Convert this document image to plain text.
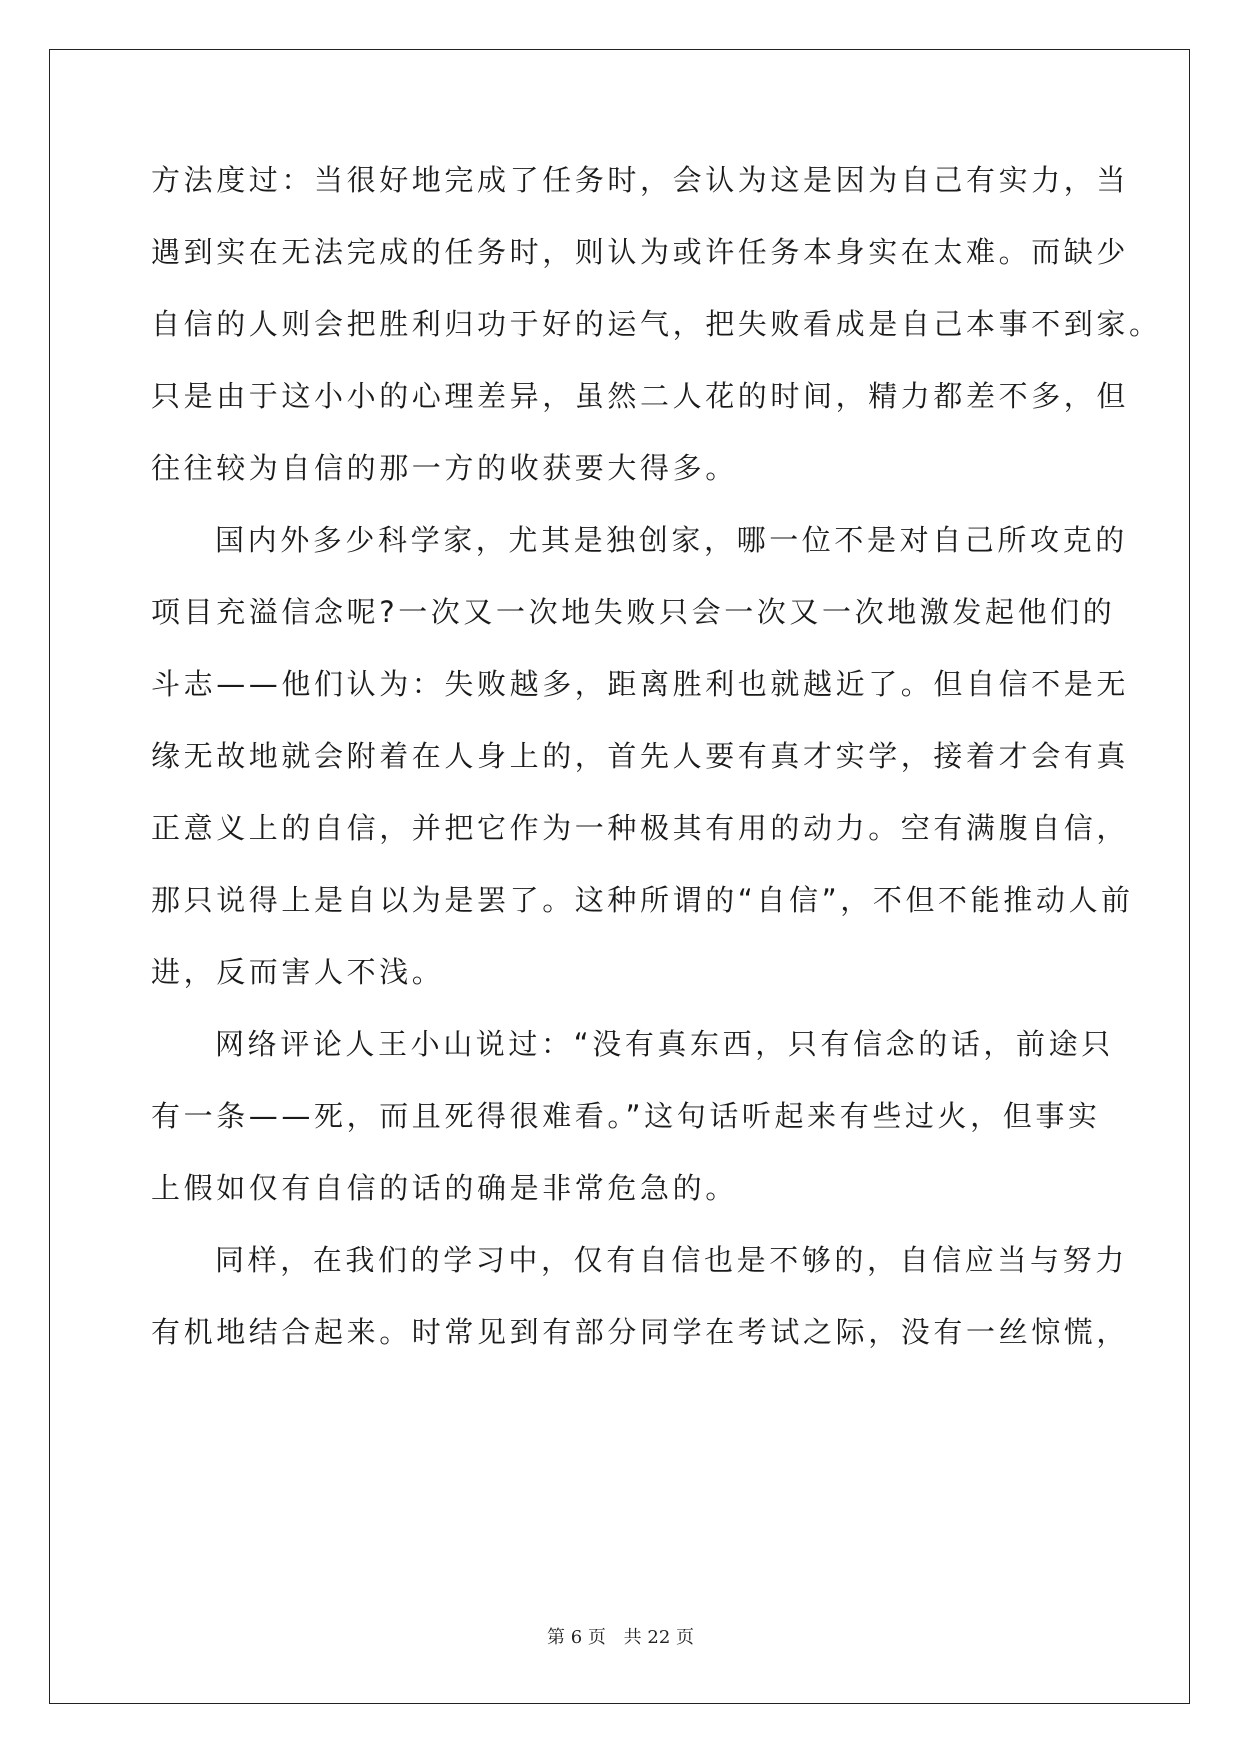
方法度过：当很好地完成了任务时，会认为这是因为自己有实力，当
遇到实在无法完成的任务时，则认为或许任务本身实在太难。而缺少
自信的人则会把胜利归功于好的运气，把失败看成是自己本事不到家。
只是由于这小小的心理差异，虽然二人花的时间，精力都差不多，但
往往较为自信的那一方的收获要大得多。
国内外多少科学家，尤其是独创家，哪一位不是对自己所攻克的
项目充溢信念呢?一次又一次地失败只会一次又一次地激发起他们的
斗志——他们认为：失败越多，距离胜利也就越近了。但自信不是无
缘无故地就会附着在人身上的，首先人要有真才实学，接着才会有真
正意义上的自信，并把它作为一种极其有用的动力。空有满腹自信，
那只说得上是自以为是罢了。这种所谓的“自信”，不但不能推动人前
进，反而害人不浅。
网络评论人王小山说过：“没有真东西，只有信念的话，前途只
有一条——死，而且死得很难看。”这句话听起来有些过火，但事实
上假如仅有自信的话的确是非常危急的。
同样，在我们的学习中，仅有自信也是不够的，自信应当与努力
有机地结合起来。时常见到有部分同学在考试之际，没有一丝惊慌，
第 6 页 共 22 页
